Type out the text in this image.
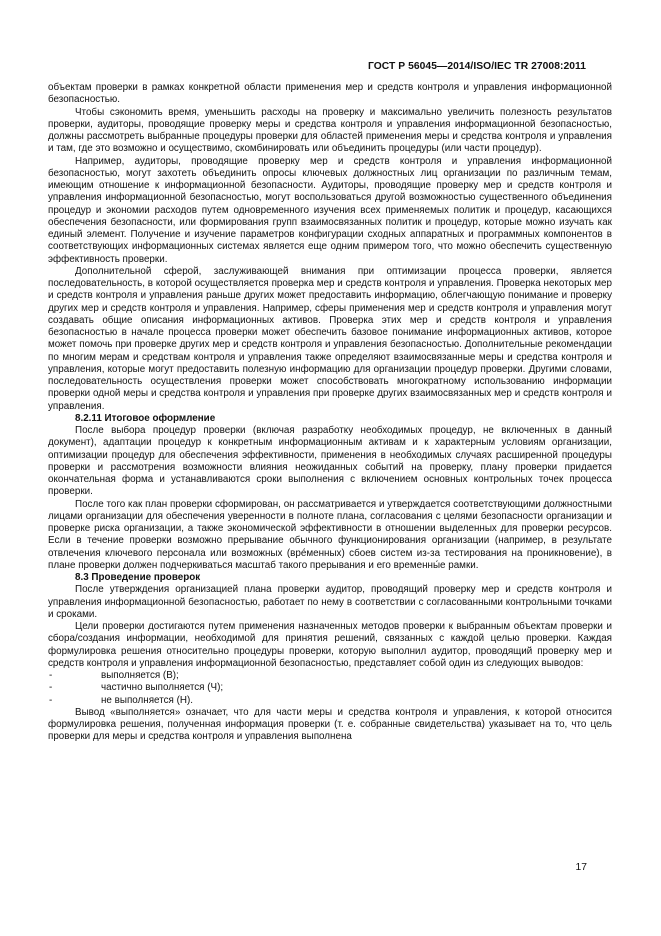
ГОСТ Р 56045—2014/ISO/IEC TR 27008:2011

объектам проверки в рамках конкретной области применения мер и средств контроля и управления информационной безопасностью.

Чтобы сэкономить время, уменьшить расходы на проверку и максимально увеличить полезность результатов проверки, аудиторы, проводящие проверку меры и средства контроля и управления информационной безопасностью, должны рассмотреть выбранные процедуры проверки для областей применения меры и средства контроля и управления и там, где это возможно и осуществимо, скомбинировать или объединить процедуры (или части процедур).

Например, аудиторы, проводящие проверку мер и средств контроля и управления информационной безопасностью, могут захотеть объединить опросы ключевых должностных лиц организации по различным темам, имеющим отношение к информационной безопасности. Аудиторы, проводящие проверку мер и средств контроля и управления информационной безопасностью, могут воспользоваться другой возможностью существенного объединения процедур и экономии расходов путем одновременного изучения всех применяемых политик и процедур, касающихся обеспечения безопасности, или формирования групп взаимосвязанных политик и процедур, которые можно изучать как единый элемент. Получение и изучение параметров конфигурации сходных аппаратных и программных компонентов в соответствующих информационных системах является еще одним примером того, что можно обеспечить существенную эффективность проверки.

Дополнительной сферой, заслуживающей внимания при оптимизации процесса проверки, является последовательность, в которой осуществляется проверка мер и средств контроля и управления. Проверка некоторых мер и средств контроля и управления раньше других может предоставить информацию, облегчающую понимание и проверку других мер и средств контроля и управления. Например, сферы применения мер и средств контроля и управления могут создавать общие описания информационных активов. Проверка этих мер и средств контроля и управления безопасностью в начале процесса проверки может обеспечить базовое понимание информационных активов, которое может помочь при проверке других мер и средств контроля и управления безопасностью. Дополнительные рекомендации по многим мерам и средствам контроля и управления также определяют взаимосвязанные меры и средства контроля и управления, которые могут предоставить полезную информацию для организации процедур проверки. Другими словами, последовательность осуществления проверки может способствовать многократному использованию информации проверки одной меры и средства контроля и управления при проверке других взаимосвязанных мер и средств контроля и управления.

8.2.11 Итоговое оформление

После выбора процедур проверки (включая разработку необходимых процедур, не включенных в данный документ), адаптации процедур к конкретным информационным активам и к характерным условиям организации, оптимизации процедур для обеспечения эффективности, применения в необходимых случаях расширенной процедуры проверки и рассмотрения возможности влияния неожиданных событий на проверку, плану проверки придается окончательная форма и устанавливаются сроки выполнения с включением основных контрольных точек процесса проверки.

После того как план проверки сформирован, он рассматривается и утверждается соответствующими должностными лицами организации для обеспечения уверенности в полноте плана, согласования с целями безопасности организации и проверке риска организации, а также экономической эффективности в отношении выделенных для проверки ресурсов. Если в течение проверки возможно прерывание обычного функционирования организации (например, в результате отвлечения ключевого персонала или возможных (вре́менных) сбоев систем из-за тестирования на проникновение), в плане проверки должен подчеркиваться масштаб такого прерывания и его временны́е рамки.

8.3 Проведение проверок

После утверждения организацией плана проверки аудитор, проводящий проверку мер и средств контроля и управления информационной безопасностью, работает по нему в соответствии с согласованными контрольными точками и сроками.

Цели проверки достигаются путем применения назначенных методов проверки к выбранным объектам проверки и сбора/создания информации, необходимой для принятия решений, связанных с каждой целью проверки. Каждая формулировка решения относительно процедуры проверки, которую выполнил аудитор, проводящий проверку мер и средств контроля и управления информационной безопасностью, представляет собой один из следующих выводов:

-	выполняется (В);

-	частично выполняется (Ч);

-	не выполняется (Н).

Вывод «выполняется» означает, что для части меры и средства контроля и управления, к которой относится формулировка решения, полученная информация проверки (т. е. собранные свидетельства) указывает на то, что цель проверки для меры и средства контроля и управления выполнена

17
